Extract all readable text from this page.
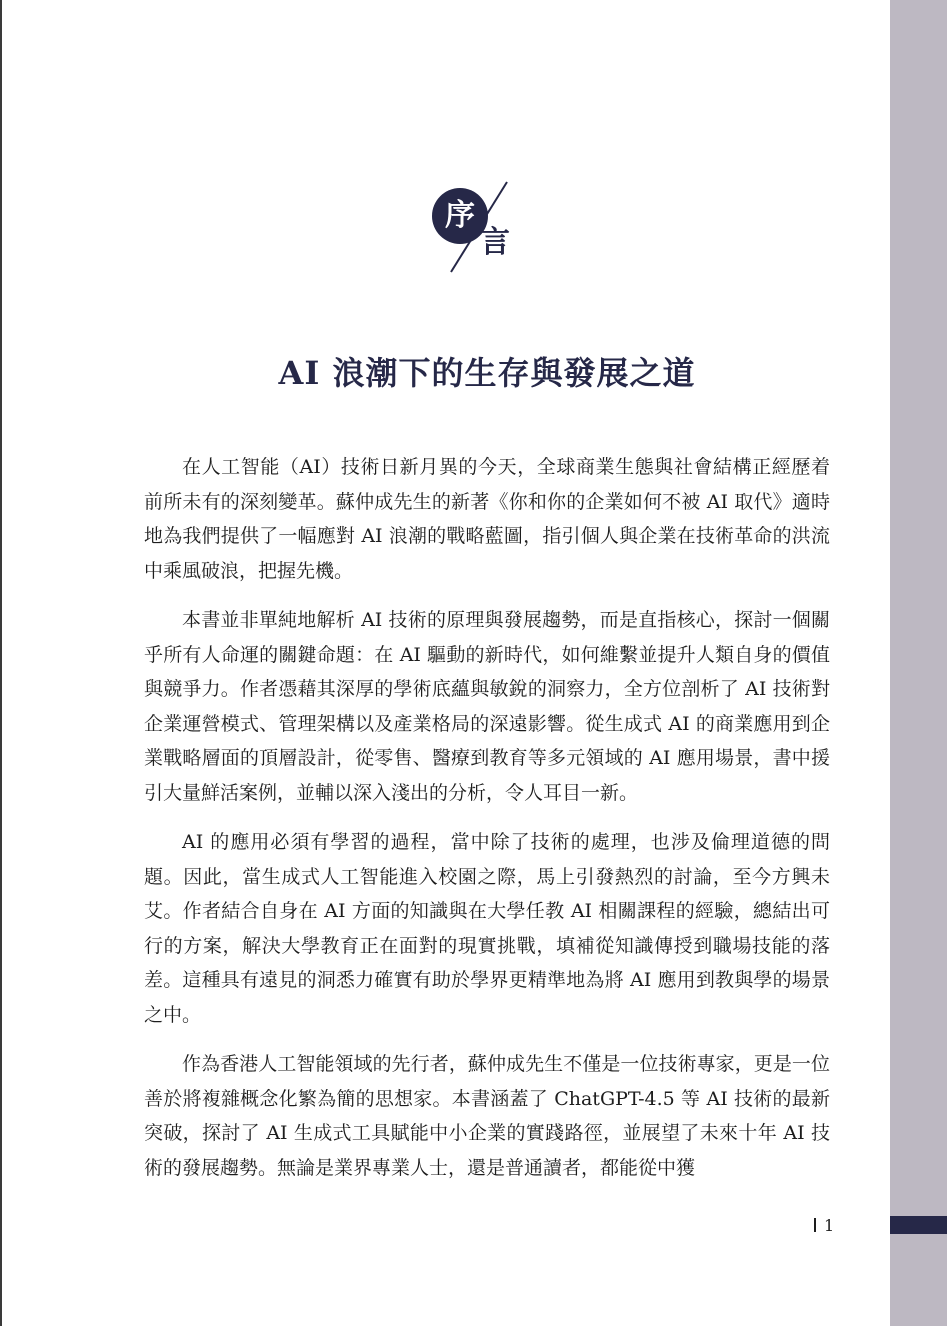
序
言
AI 浪潮下的生存與發展之道

在人工智能（AI）技術日新月異的今天，全球商業生態與社會結構正經歷着前所未有的深刻變革。蘇仲成先生的新著《你和你的企業如何不被 AI 取代》適時地為我們提供了一幅應對 AI 浪潮的戰略藍圖，指引個人與企業在技術革命的洪流中乘風破浪，把握先機。

本書並非單純地解析 AI 技術的原理與發展趨勢，而是直指核心，探討一個關乎所有人命運的關鍵命題：在 AI 驅動的新時代，如何維繫並提升人類自身的價值與競爭力。作者憑藉其深厚的學術底蘊與敏銳的洞察力，全方位剖析了 AI 技術對企業運營模式、管理架構以及產業格局的深遠影響。從生成式 AI 的商業應用到企業戰略層面的頂層設計，從零售、醫療到教育等多元領域的 AI 應用場景，書中援引大量鮮活案例，並輔以深入淺出的分析，令人耳目一新。

AI 的應用必須有學習的過程，當中除了技術的處理，也涉及倫理道德的問題。因此，當生成式人工智能進入校園之際，馬上引發熱烈的討論，至今方興未艾。作者結合自身在 AI 方面的知識與在大學任教 AI 相關課程的經驗，總結出可行的方案，解決大學教育正在面對的現實挑戰，填補從知識傳授到職場技能的落差。這種具有遠見的洞悉力確實有助於學界更精準地為將 AI 應用到教與學的場景之中。

作為香港人工智能領域的先行者，蘇仲成先生不僅是一位技術專家，更是一位善於將複雜概念化繁為簡的思想家。本書涵蓋了 ChatGPT-4.5 等 AI 技術的最新突破，探討了 AI 生成式工具賦能中小企業的實踐路徑，並展望了未來十年 AI 技術的發展趨勢。無論是業界專業人士，還是普通讀者，都能從中獲

1
